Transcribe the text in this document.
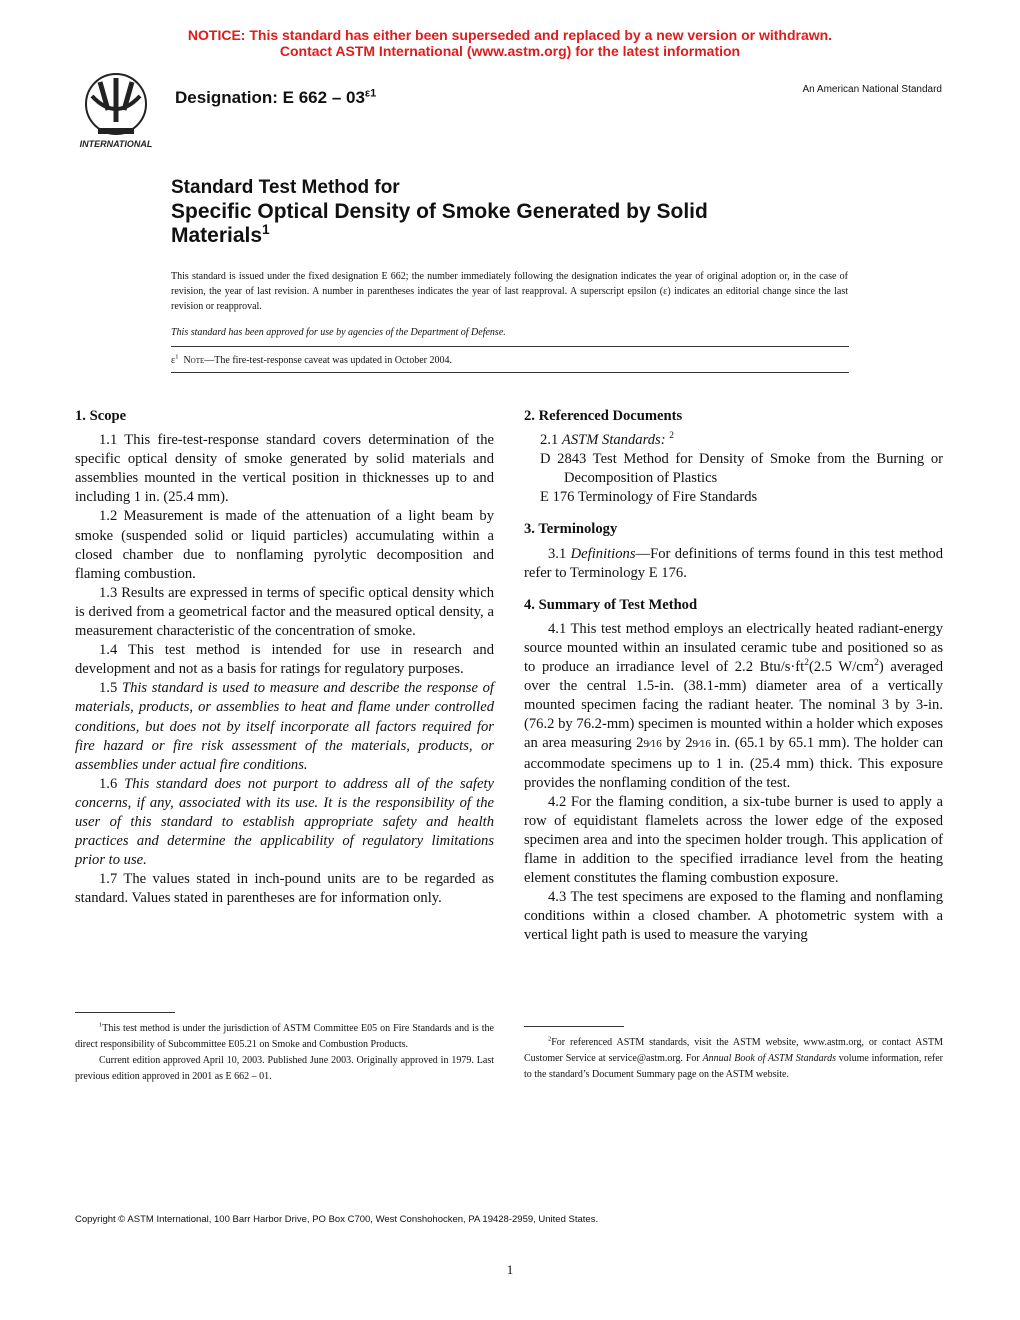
NOTICE: This standard has either been superseded and replaced by a new version or withdrawn.
Contact ASTM International (www.astm.org) for the latest information
INTERNATIONAL
Designation: E $662 - 03^{\varepsilon 1}$	An American National Standard
Standard Test Method for
Specific Optical Density of Smoke Generated by Solid
Materials$^1$
This standard is issued under the fixed designation E 662; the number immediately following the designation indicates the year of original adoption or, in the case of revision, the year of last revision. A number in parentheses indicates the year of last reapproval. A superscript epsilon (ε) indicates an editorial change since the last revision or reapproval.
This standard has been approved for use by agencies of the Department of Defense.
$\varepsilon^1$ Note—The fire-test-response caveat was updated in October 2004.
1. Scope

1.1 This fire-test-response standard covers determination of the specific optical density of smoke generated by solid materials and assemblies mounted in the vertical position in thicknesses up to and including 1 in. (25.4 mm).

1.2 Measurement is made of the attenuation of a light beam by smoke (suspended solid or liquid particles) accumulating within a closed chamber due to nonflaming pyrolytic decomposition and flaming combustion.

1.3 Results are expressed in terms of specific optical density which is derived from a geometrical factor and the measured optical density, a measurement characteristic of the concentration of smoke.

1.4 This test method is intended for use in research and development and not as a basis for ratings for regulatory purposes.

1.5 This standard is used to measure and describe the response of materials, products, or assemblies to heat and flame under controlled conditions, but does not by itself incorporate all factors required for fire hazard or fire risk assessment of the materials, products, or assemblies under actual fire conditions.

1.6 This standard does not purport to address all of the safety concerns, if any, associated with its use. It is the responsibility of the user of this standard to establish appropriate safety and health practices and determine the applicability of regulatory limitations prior to use.

1.7 The values stated in inch-pound units are to be regarded as standard. Values stated in parentheses are for information only.

2. Referenced Documents

2.1 ASTM Standards: $^2$

D 2843 Test Method for Density of Smoke from the Burning or Decomposition of Plastics

E 176 Terminology of Fire Standards

3. Terminology

3.1 Definitions—For definitions of terms found in this test method refer to Terminology E 176.

4. Summary of Test Method

4.1 This test method employs an electrically heated radiant-energy source mounted within an insulated ceramic tube and positioned so as to produce an irradiance level of 2.2 Btu/$s\cdot ft^2(2.5$ $W/cm^2$) averaged over the central 1.5-in. (38.1-mm) diameter area of a vertically mounted specimen facing the radiant heater. The nominal 3 by 3-in. (76.2 by 76.2-mm) specimen is mounted within a holder which exposes an area measuring 29⁄16 by 29⁄16 in. (65.1 by 65.1 mm). The holder can accommodate specimens up to 1 in. (25.4 mm) thick. This exposure provides the nonflaming condition of the test.

4.2 For the flaming condition, a six-tube burner is used to apply a row of equidistant flamelets across the lower edge of the exposed specimen area and into the specimen holder trough. This application of flame in addition to the specified irradiance level from the heating element constitutes the flaming combustion exposure.

4.3 The test specimens are exposed to the flaming and nonflaming conditions within a closed chamber. A photometric system with a vertical light path is used to measure the varying

$^1$This test method is under the jurisdiction of ASTM Committee E05 on Fire Standards and is the direct responsibility of Subcommittee E05.21 on Smoke and Combustion Products.

Current edition approved April 10, 2003. Published June 2003. Originally approved in 1979. Last previous edition approved in 2001 as E 662 – 01.

$^2$For referenced ASTM standards, visit the ASTM website, www.astm.org, or contact ASTM Customer Service at service@astm.org. For Annual Book of ASTM Standards volume information, refer to the standard’s Document Summary page on the ASTM website.

Copyright © ASTM International, 100 Barr Harbor Drive, PO Box C700, West Conshohocken, PA 19428-2959, United States.
1
